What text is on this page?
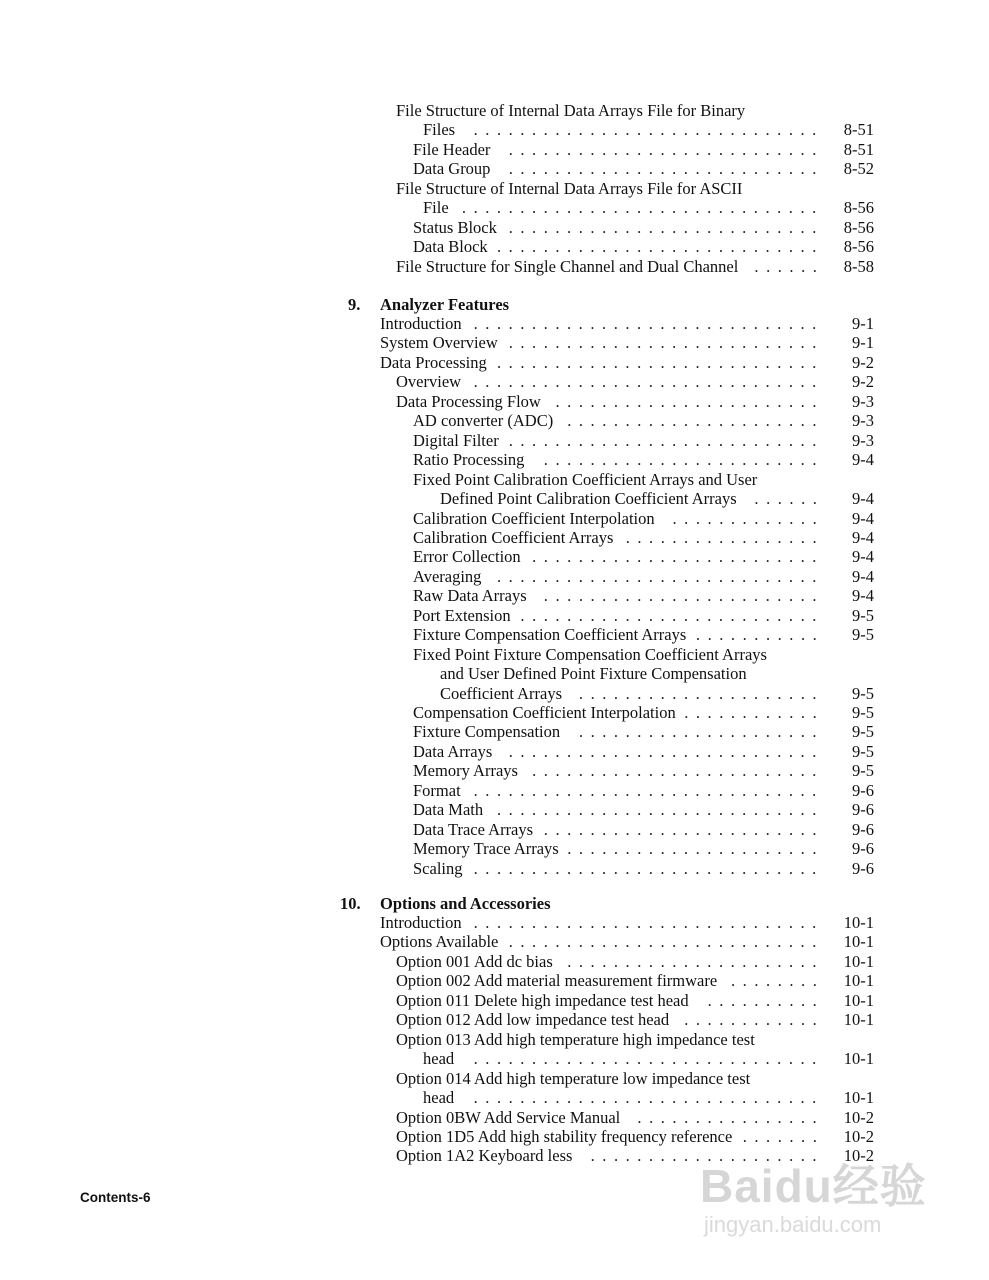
File Structure of Internal Data Arrays File for Binary
Files ..............................	8-51
File Header ...........................	8-51
Data Group ...........................	8-52
File Structure of Internal Data Arrays File for ASCII
File ...............................	8-56
Status Block ...........................	8-56
Data Block ............................	8-56
File Structure for Single Channel and Dual Channel ......	8-58
9. Analyzer Features
Introduction ..............................	9-1
System Overview ...........................	9-1
Data Processing ............................	9-2
Overview ..............................	9-2
Data Processing Flow .......................	9-3
AD converter (ADC) ......................	9-3
Digital Filter ...........................	9-3
Ratio Processing ........................	9-4
Fixed Point Calibration Coefficient Arrays and User
Defined Point Calibration Coefficient Arrays ......	9-4
Calibration Coefficient Interpolation .............	9-4
Calibration Coefficient Arrays .................	9-4
Error Collection .........................	9-4
Averaging ............................	9-4
Raw Data Arrays ........................	9-4
Port Extension ..........................	9-5
Fixture Compensation Coefficient Arrays ...........	9-5
Fixed Point Fixture Compensation Coefficient Arrays
and User Defined Point Fixture Compensation
Coefficient Arrays .....................	9-5
Compensation Coefficient Interpolation ............	9-5
Fixture Compensation .....................	9-5
Data Arrays ...........................	9-5
Memory Arrays .........................	9-5
Format ..............................	9-6
Data Math ............................	9-6
Data Trace Arrays ........................	9-6
Memory Trace Arrays ......................	9-6
Scaling ..............................	9-6
10. Options and Accessories
Introduction ..............................	10-1
Options Available ...........................	10-1
Option 001 Add dc bias ......................	10-1
Option 002 Add material measurement firmware ........	10-1
Option 011 Delete high impedance test head ..........	10-1
Option 012 Add low impedance test head ............	10-1
Option 013 Add high temperature high impedance test
head ..............................	10-1
Option 014 Add high temperature low impedance test
head ..............................	10-1
Option 0BW Add Service Manual ................	10-2
Option 1D5 Add high stability frequency reference .......	10-2
Option 1A2 Keyboard less ....................	10-2
Contents-6	Baidu经验
jingyan.baidu.com
